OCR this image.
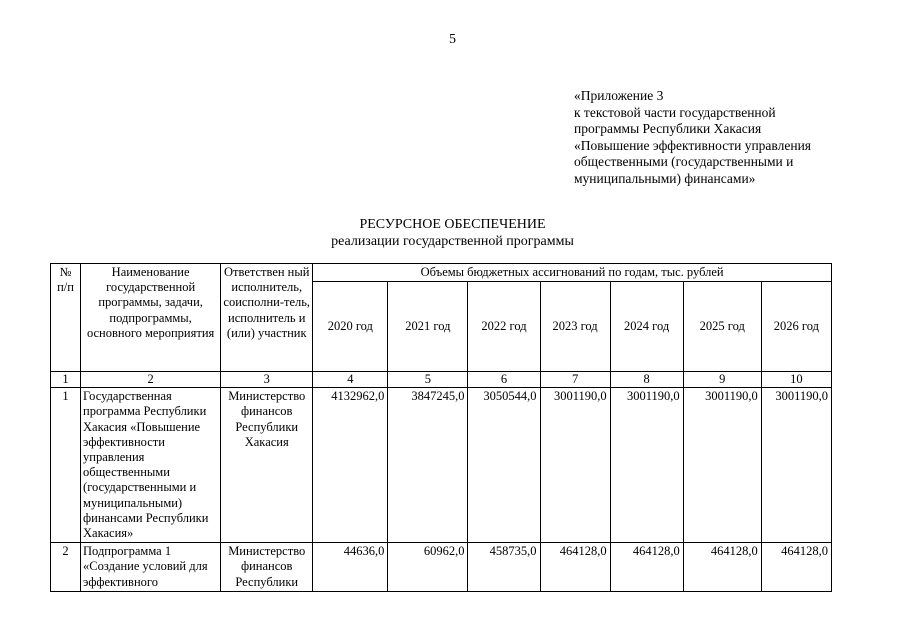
5
«Приложение 3
к текстовой части государственной
программы Республики Хакасия
«Повышение эффективности управления
общественными (государственными и
муниципальными) финансами»
РЕСУРСНОЕ ОБЕСПЕЧЕНИЕ
реализации государственной программы
№ п/п	Наименование государственной программы, задачи, подпрограммы, основного мероприятия	Ответствен ный исполнитель, соисполни-тель, исполнитель и (или) участник	Объемы бюджетных ассигнований по годам, тыс. рублей						
			2020 год	2021 год	2022 год	2023 год	2024 год	2025 год	2026 год
1	2	3	4	5	6	7	8	9	10
1	Государственная программа Республики Хакасия «Повышение эффективности управления общественными (государственными и муниципальными) финансами Республики Хакасия»	Министерство финансов Республики Хакасия	4132962,0	3847245,0	3050544,0	3001190,0	3001190,0	3001190,0	3001190,0
2	Подпрограмма 1 «Создание условий для эффективного	Министерство финансов Республики	44636,0	60962,0	458735,0	464128,0	464128,0	464128,0	464128,0
